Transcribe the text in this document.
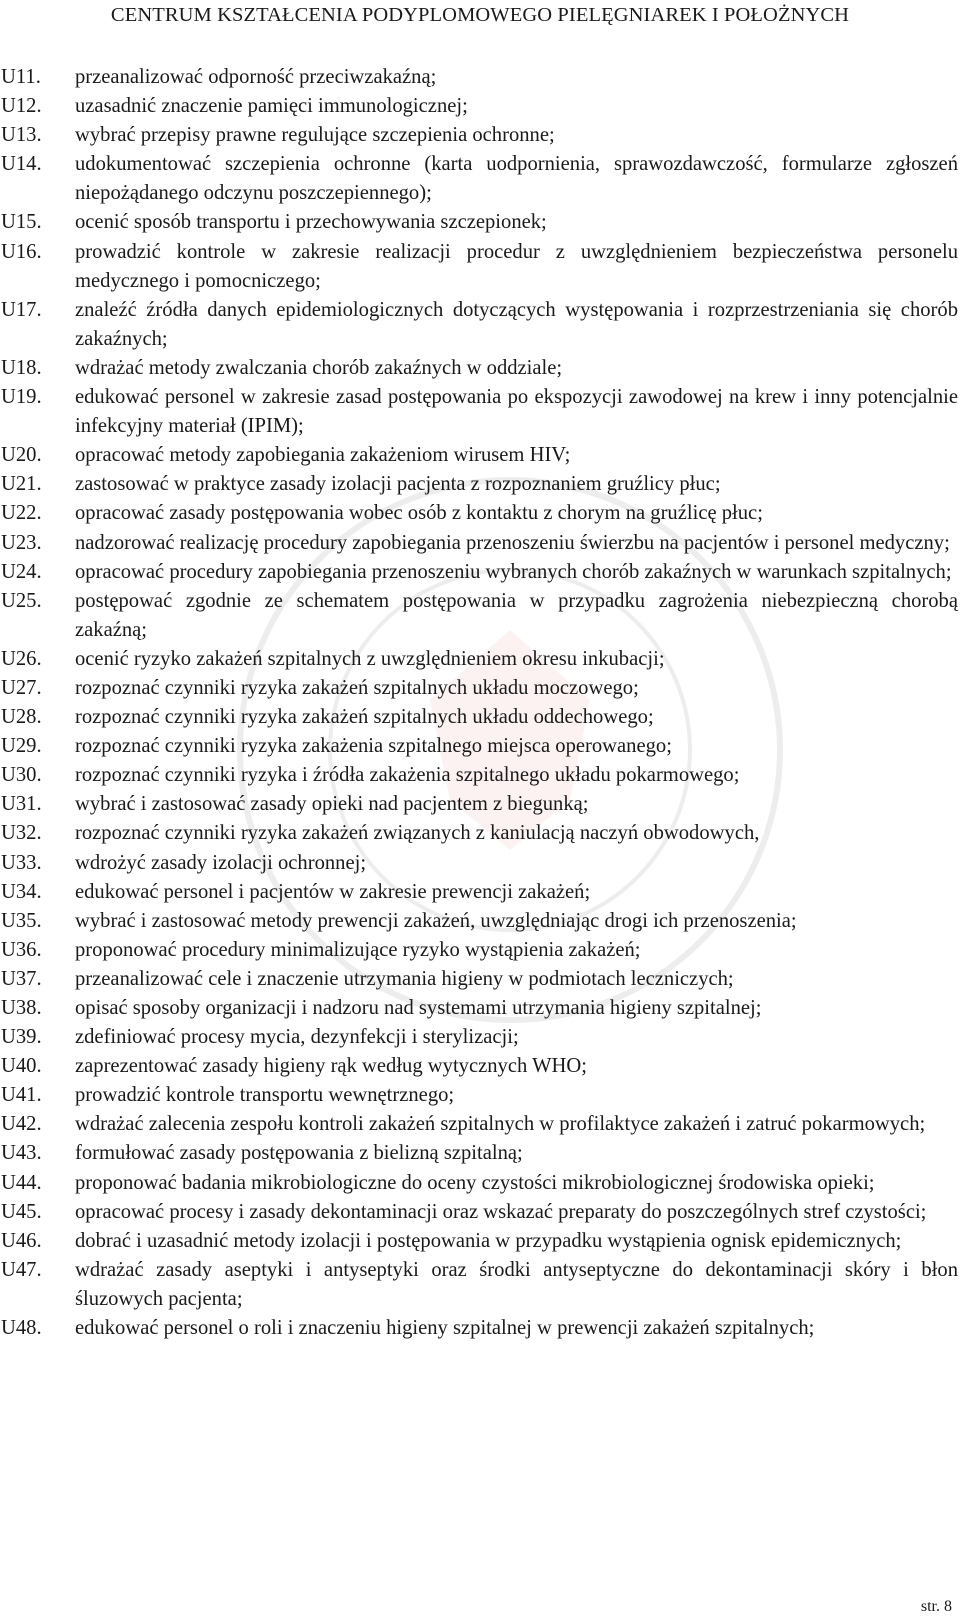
CENTRUM KSZTAŁCENIA PODYPLOMOWEGO PIELĘGNIAREK I POŁOŻNYCH
U11.	przeanalizować odporność przeciwzakaźną;
U12.	uzasadnić znaczenie pamięci immunologicznej;
U13.	wybrać przepisy prawne regulujące szczepienia ochronne;
U14.	udokumentować szczepienia ochronne (karta uodpornienia, sprawozdawczość, formularze zgłoszeń niepożądanego odczynu poszczepiennego);
U15.	ocenić sposób transportu i przechowywania szczepionek;
U16.	prowadzić kontrole w zakresie realizacji procedur z uwzględnieniem bezpieczeństwa personelu medycznego i pomocniczego;
U17.	znaleźć źródła danych epidemiologicznych dotyczących występowania i rozprzestrzeniania się chorób zakaźnych;
U18.	wdrażać metody zwalczania chorób zakaźnych w oddziale;
U19.	edukować personel w zakresie zasad postępowania po ekspozycji zawodowej na krew i inny potencjalnie infekcyjny materiał (IPIM);
U20.	opracować metody zapobiegania zakażeniom wirusem HIV;
U21.	zastosować w praktyce zasady izolacji pacjenta z rozpoznaniem gruźlicy płuc;
U22.	opracować zasady postępowania wobec osób z kontaktu z chorym na gruźlicę płuc;
U23.	nadzorować realizację procedury zapobiegania przenoszeniu świerzbu na pacjentów i personel medyczny;
U24.	opracować procedury zapobiegania przenoszeniu wybranych chorób zakaźnych w warunkach szpitalnych;
U25.	postępować zgodnie ze schematem postępowania w przypadku zagrożenia niebezpieczną chorobą zakaźną;
U26.	ocenić ryzyko zakażeń szpitalnych z uwzględnieniem okresu inkubacji;
U27.	rozpoznać czynniki ryzyka zakażeń szpitalnych układu moczowego;
U28.	rozpoznać czynniki ryzyka zakażeń szpitalnych układu oddechowego;
U29.	rozpoznać czynniki ryzyka zakażenia szpitalnego miejsca operowanego;
U30.	rozpoznać czynniki ryzyka i źródła zakażenia szpitalnego układu pokarmowego;
U31.	wybrać i zastosować zasady opieki nad pacjentem z biegunką;
U32.	rozpoznać czynniki ryzyka zakażeń związanych z kaniulacją naczyń obwodowych,
U33.	wdrożyć zasady izolacji ochronnej;
U34.	edukować personel i pacjentów w zakresie prewencji zakażeń;
U35.	wybrać i zastosować metody prewencji zakażeń, uwzględniając drogi ich przenoszenia;
U36.	proponować procedury minimalizujące ryzyko wystąpienia zakażeń;
U37.	przeanalizować cele i znaczenie utrzymania higieny w podmiotach leczniczych;
U38.	opisać sposoby organizacji i nadzoru nad systemami utrzymania higieny szpitalnej;
U39.	zdefiniować procesy mycia, dezynfekcji i sterylizacji;
U40.	zaprezentować zasady higieny rąk według wytycznych WHO;
U41.	prowadzić kontrole transportu wewnętrznego;
U42.	wdrażać zalecenia zespołu kontroli zakażeń szpitalnych w profilaktyce zakażeń i zatruć pokarmowych;
U43.	formułować zasady postępowania z bielizną szpitalną;
U44.	proponować badania mikrobiologiczne do oceny czystości mikrobiologicznej środowiska opieki;
U45.	opracować procesy i zasady dekontaminacji oraz wskazać preparaty do poszczególnych stref czystości;
U46.	dobrać i uzasadnić metody izolacji i postępowania w przypadku wystąpienia ognisk epidemicznych;
U47.	wdrażać zasady aseptyki i antyseptyki oraz środki antyseptyczne do dekontaminacji skóry i błon śluzowych pacjenta;
U48.	edukować personel o roli i znaczeniu higieny szpitalnej w prewencji zakażeń szpitalnych;
str. 8
